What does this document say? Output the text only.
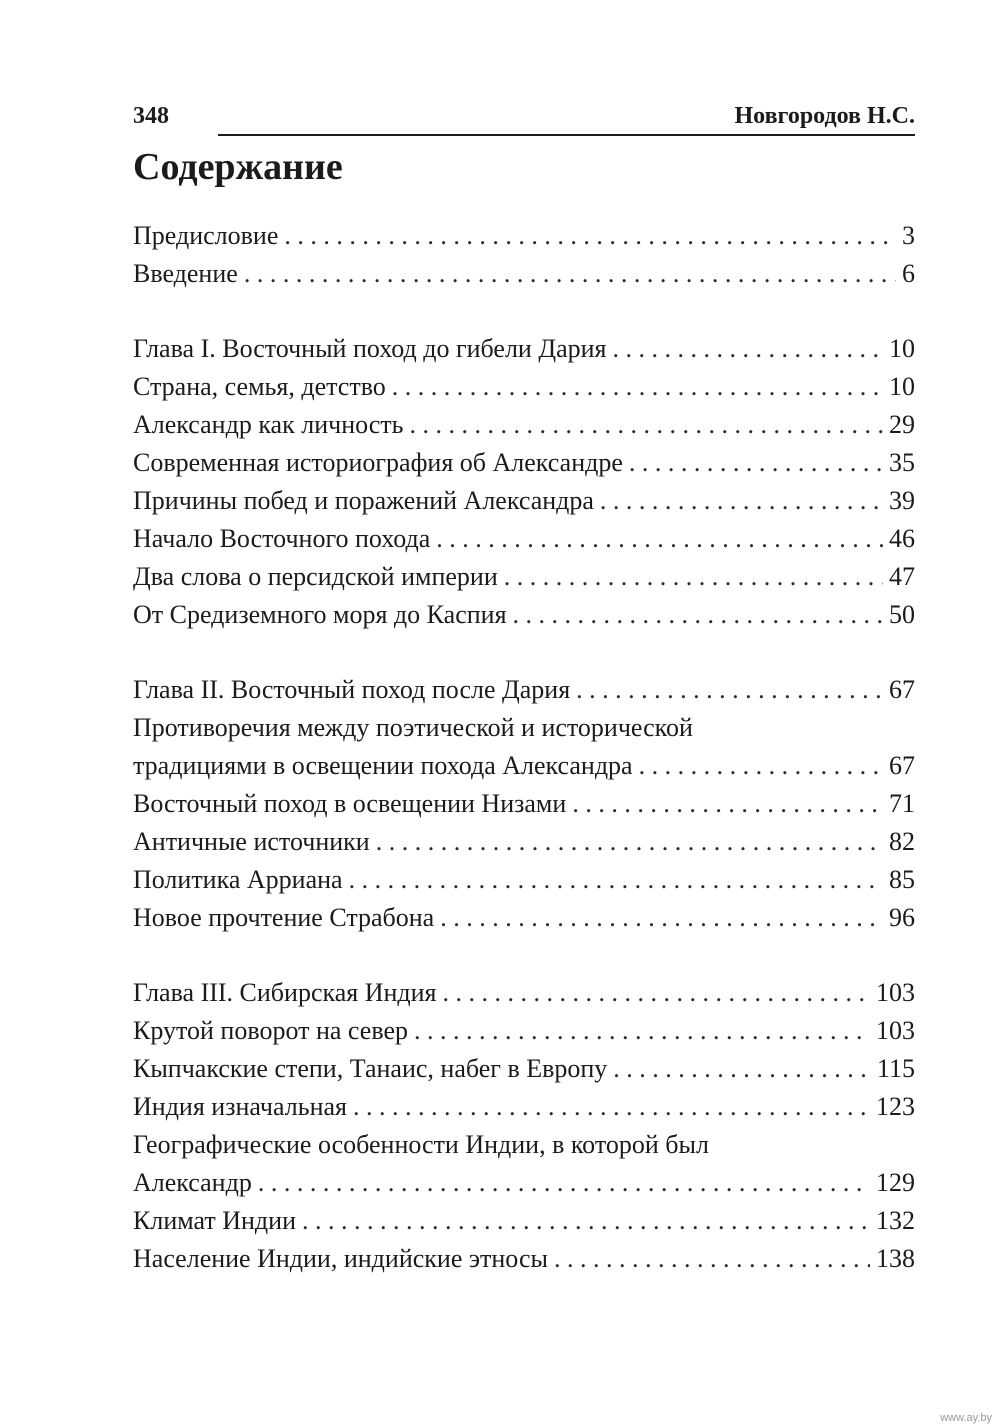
348	Новгородов Н.С.
Содержание
Предисловие . . .	3
Введение . . .	6
Глава I. Восточный поход до гибели Дария . . .	10
Страна, семья, детство . . .	10
Александр как личность . . .	29
Современная историография об Александре . . .	35
Причины побед и поражений Александра . . .	39
Начало Восточного похода . . .	46
Два слова о персидской империи . . .	47
От Средиземного моря до Каспия . . .	50
Глава II. Восточный поход после Дария . . .	67
Противоречия между поэтической и исторической
традициями в освещении похода Александра . . .	67
Восточный поход в освещении Низами . . .	71
Античные источники . . .	82
Политика Арриана . . .	85
Новое прочтение Страбона . . .	96
Глава III. Сибирская Индия . . .	103
Крутой поворот на север . . .	103
Кыпчакские степи, Танаис, набег в Европу . . .	115
Индия изначальная . . .	123
Географические особенности Индии, в которой был
Александр . . .	129
Климат Индии . . .	132
Население Индии, индийские этносы . . .	138
www.ay.by
